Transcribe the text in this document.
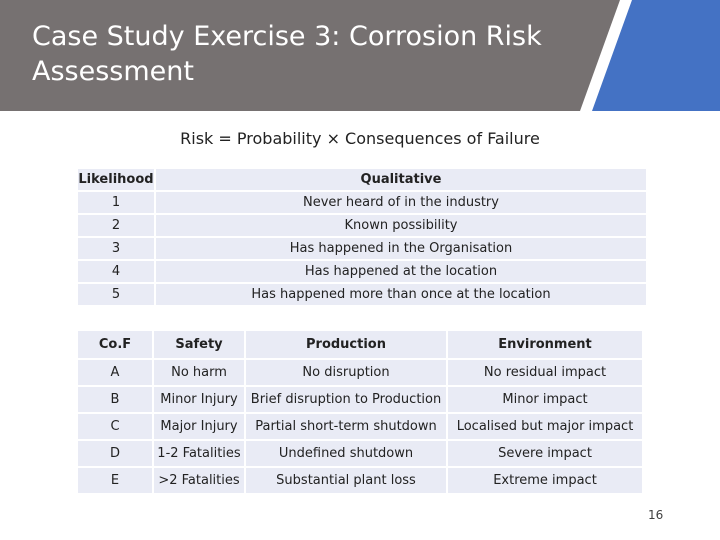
Case Study Exercise 3: Corrosion Risk Assessment
Risk = Probability × Consequences of Failure
Likelihood	Qualitative
1	Never heard of in the industry
2	Known possibility
3	Has happened in the Organisation
4	Has happened at the location
5	Has happened more than once at the location
Co.F	Safety	Production	Environment
A	No harm	No disruption	No residual impact
B	Minor Injury	Brief disruption to Production	Minor impact
C	Major Injury	Partial short-term shutdown	Localised but major impact
D	1-2 Fatalities	Undefined shutdown	Severe impact
E	>2 Fatalities	Substantial plant loss	Extreme impact
16
